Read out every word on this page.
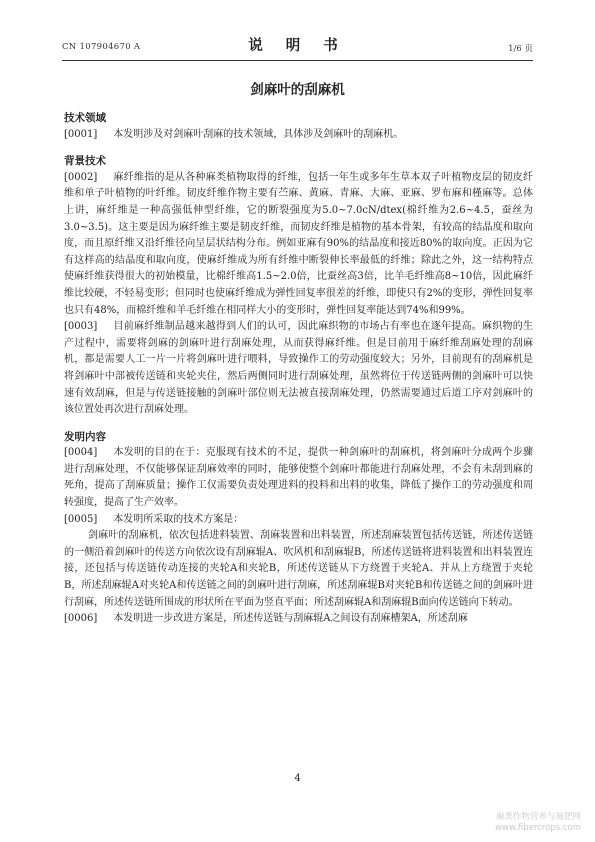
CN 107904670 A	说 明 书	1/6 页
剑麻叶的刮麻机
技术领域
[0001] 本发明涉及对剑麻叶刮麻的技术领域，具体涉及剑麻叶的刮麻机。
背景技术
[0002] 麻纤维指的是从各种麻类植物取得的纤维，包括一年生或多年生草本双子叶植物皮层的韧皮纤维和单子叶植物的叶纤维。韧皮纤维作物主要有苎麻、黄麻、青麻、大麻、亚麻、罗布麻和槿麻等。总体上讲，麻纤维是一种高强低伸型纤维，它的断裂强度为5.0~7.0cN/dtex(棉纤维为2.6~4.5，蚕丝为3.0~3.5)。这主要是因为麻纤维主要是韧皮纤维，而韧皮纤维是植物的基本骨架，有较高的结晶度和取向度，而且原纤维又沿纤维径向呈层状结构分布。例如亚麻有90%的结晶度和接近80%的取向度。正因为它有这样高的结晶度和取向度，使麻纤维成为所有纤维中断裂伸长率最低的纤维；除此之外，这一结构特点使麻纤维获得很大的初始模量，比棉纤维高1.5~2.0倍，比蚕丝高3倍，比羊毛纤维高8~10倍，因此麻纤维比较硬，不轻易变形；但同时也使麻纤维成为弹性回复率很差的纤维，即使只有2%的变形，弹性回复率也只有48%，而棉纤维和羊毛纤维在相同样大小的变形时，弹性回复率能达到74%和99%。
[0003] 目前麻纤维制品越来越得到人们的认可，因此麻织物的市场占有率也在逐年提高。麻织物的生产过程中，需要将剑麻的剑麻叶进行刮麻处理，从而获得麻纤维。但是目前用于麻纤维刮麻处理的刮麻机，都是需要人工一片一片将剑麻叶进行喂料，导致操作工的劳动强度较大；另外，目前现有的刮麻机是将剑麻叶中部被传送链和夹轮夹住，然后两侧同时进行刮麻处理，虽然将位于传送链两侧的剑麻叶可以快速有效刮麻，但是与传送链接触的剑麻叶部位则无法被直接刮麻处理，仍然需要通过后道工序对剑麻叶的该位置处再次进行刮麻处理。
发明内容
[0004] 本发明的目的在于：克服现有技术的不足，提供一种剑麻叶的刮麻机，将剑麻叶分成两个步骤进行刮麻处理，不仅能够保证刮麻效率的同时，能够使整个剑麻叶都能进行刮麻处理，不会有未刮到麻的死角，提高了刮麻质量；操作工仅需要负责处理进料的投料和出料的收集，降低了操作工的劳动强度和周转强度，提高了生产效率。
[0005] 本发明所采取的技术方案是：
剑麻叶的刮麻机，依次包括进料装置、刮麻装置和出料装置，所述刮麻装置包括传送链，所述传送链的一侧沿着剑麻叶的传送方向依次设有刮麻辊A、吹风机和刮麻辊B，所述传送链将进料装置和出料装置连接，还包括与传送链传动连接的夹轮A和夹轮B，所述传送链从下方绕置于夹轮A、并从上方绕置于夹轮B，所述刮麻辊A对夹轮A和传送链之间的剑麻叶进行刮麻，所述刮麻辊B对夹轮B和传送链之间的剑麻叶进行刮麻，所述传送链所围成的形状所在平面为竖直平面；所述刮麻辊A和刮麻辊B面向传送链向下转动。
[0006] 本发明进一步改进方案是，所述传送链与刮麻辊A之间设有刮麻槽架A，所述刮麻
4
麻类作物营养与施肥网
www.fibercrops.com
